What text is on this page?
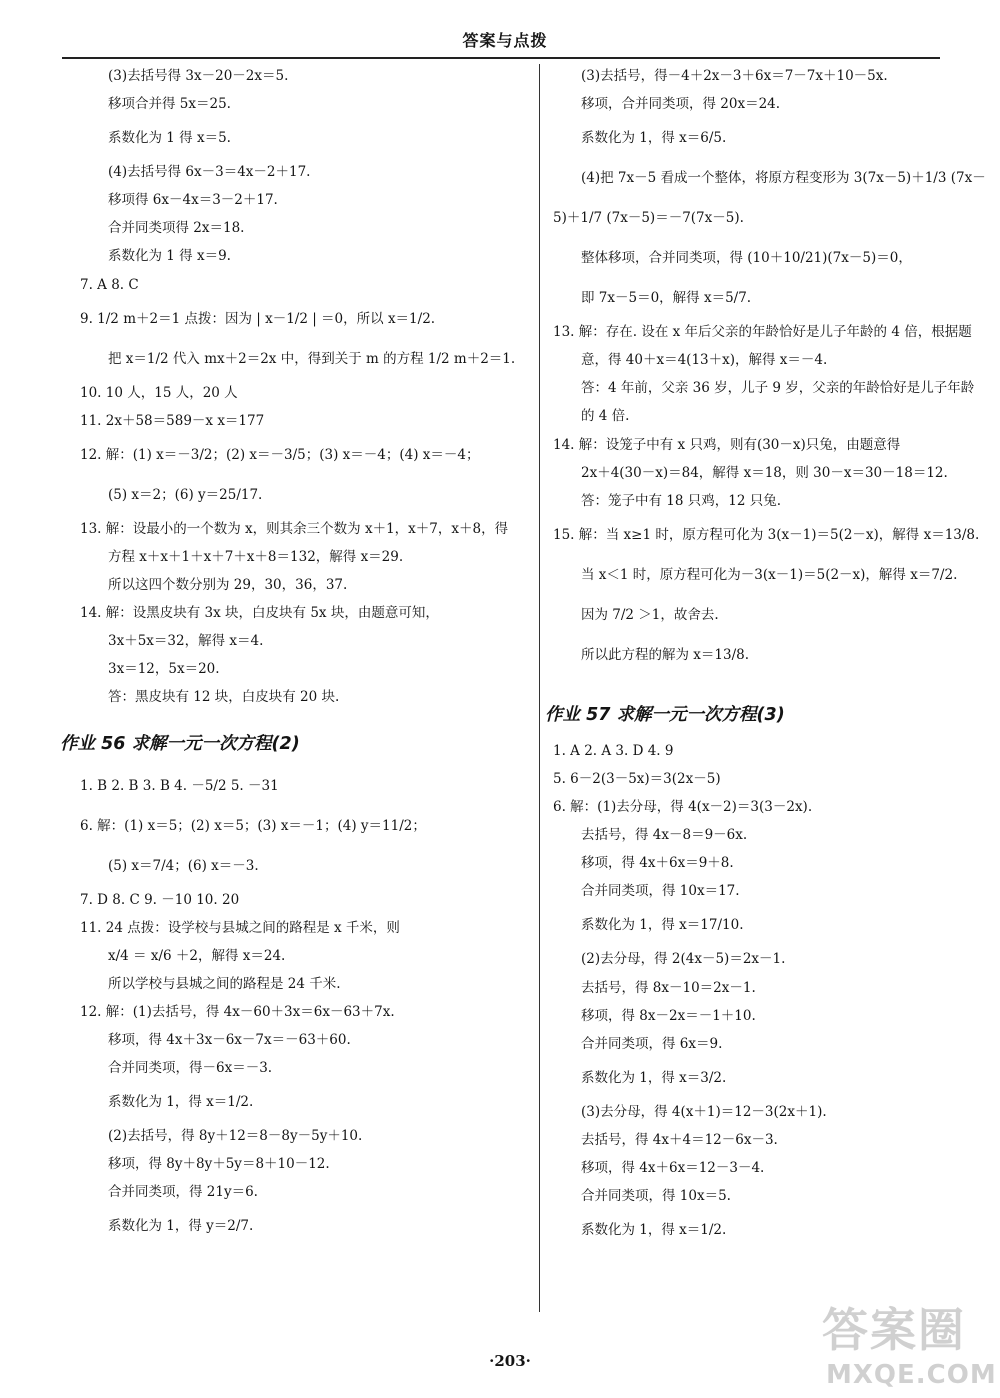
答案与点拨
(3)去括号得 3x－20－2x＝5.
移项合并得 5x＝25.
系数化为 1 得 x＝5.
(4)去括号得 6x－3＝4x－2＋17.
移项得 6x－4x＝3－2＋17.
合并同类项得 2x＝18.
系数化为 1 得 x＝9.
7. A 8. C
9. 1/2 m＋2＝1 点拨：因为 | x－1/2 | ＝0，所以 x＝1/2.
把 x＝1/2 代入 mx＋2＝2x 中，得到关于 m 的方程 1/2 m＋2＝1.
10. 10 人，15 人，20 人
11. 2x＋58＝589－x x＝177
12. 解：(1) x＝－3/2；(2) x＝－3/5；(3) x＝－4；(4) x＝－4；
(5) x＝2；(6) y＝25/17.
13. 解：设最小的一个数为 x，则其余三个数为 x＋1，x＋7，x＋8，得
方程 x＋x＋1＋x＋7＋x＋8＝132，解得 x＝29.
所以这四个数分别为 29，30，36，37.
14. 解：设黑皮块有 3x 块，白皮块有 5x 块，由题意可知，
3x＋5x＝32，解得 x＝4.
3x＝12，5x＝20.
答：黑皮块有 12 块，白皮块有 20 块.
作业 56 求解一元一次方程(2)
1. B 2. B 3. B 4. －5/2 5. －31
6. 解：(1) x＝5；(2) x＝5；(3) x＝－1；(4) y＝11/2；
(5) x＝7/4；(6) x＝－3.
7. D 8. C 9. －10 10. 20
11. 24 点拨：设学校与县城之间的路程是 x 千米，则
x/4 ＝ x/6 ＋2，解得 x＝24.
所以学校与县城之间的路程是 24 千米.
12. 解：(1)去括号，得 4x－60＋3x＝6x－63＋7x.
移项，得 4x＋3x－6x－7x＝－63＋60.
合并同类项，得－6x＝－3.
系数化为 1，得 x＝1/2.
(2)去括号，得 8y＋12＝8－8y－5y＋10.
移项，得 8y＋8y＋5y＝8＋10－12.
合并同类项，得 21y＝6.
系数化为 1，得 y＝2/7.
(3)去括号，得－4＋2x－3＋6x＝7－7x＋10－5x.
移项，合并同类项，得 20x＝24.
系数化为 1，得 x＝6/5.
(4)把 7x－5 看成一个整体，将原方程变形为 3(7x－5)＋1/3 (7x－
5)＋1/7 (7x－5)＝－7(7x－5).
整体移项，合并同类项，得 (10＋10/21)(7x－5)＝0，
即 7x－5＝0，解得 x＝5/7.
13. 解：存在. 设在 x 年后父亲的年龄恰好是儿子年龄的 4 倍，根据题
意，得 40＋x＝4(13＋x)，解得 x＝－4.
答：4 年前，父亲 36 岁，儿子 9 岁，父亲的年龄恰好是儿子年龄
的 4 倍.
14. 解：设笼子中有 x 只鸡，则有(30－x)只兔，由题意得
2x＋4(30－x)＝84，解得 x＝18，则 30－x＝30－18＝12.
答：笼子中有 18 只鸡，12 只兔.
15. 解：当 x≥1 时，原方程可化为 3(x－1)＝5(2－x)，解得 x＝13/8.
当 x＜1 时，原方程可化为－3(x－1)＝5(2－x)，解得 x＝7/2.
因为 7/2 ＞1，故舍去.
所以此方程的解为 x＝13/8.
作业 57 求解一元一次方程(3)
1. A 2. A 3. D 4. 9
5. 6－2(3－5x)＝3(2x－5)
6. 解：(1)去分母，得 4(x－2)＝3(3－2x).
去括号，得 4x－8＝9－6x.
移项，得 4x＋6x＝9＋8.
合并同类项，得 10x＝17.
系数化为 1，得 x＝17/10.
(2)去分母，得 2(4x－5)＝2x－1.
去括号，得 8x－10＝2x－1.
移项，得 8x－2x＝－1＋10.
合并同类项，得 6x＝9.
系数化为 1，得 x＝3/2.
(3)去分母，得 4(x＋1)＝12－3(2x＋1).
去括号，得 4x＋4＝12－6x－3.
移项，得 4x＋6x＝12－3－4.
合并同类项，得 10x＝5.
系数化为 1，得 x＝1/2.
·203·
答案圈
MXQE.COM
